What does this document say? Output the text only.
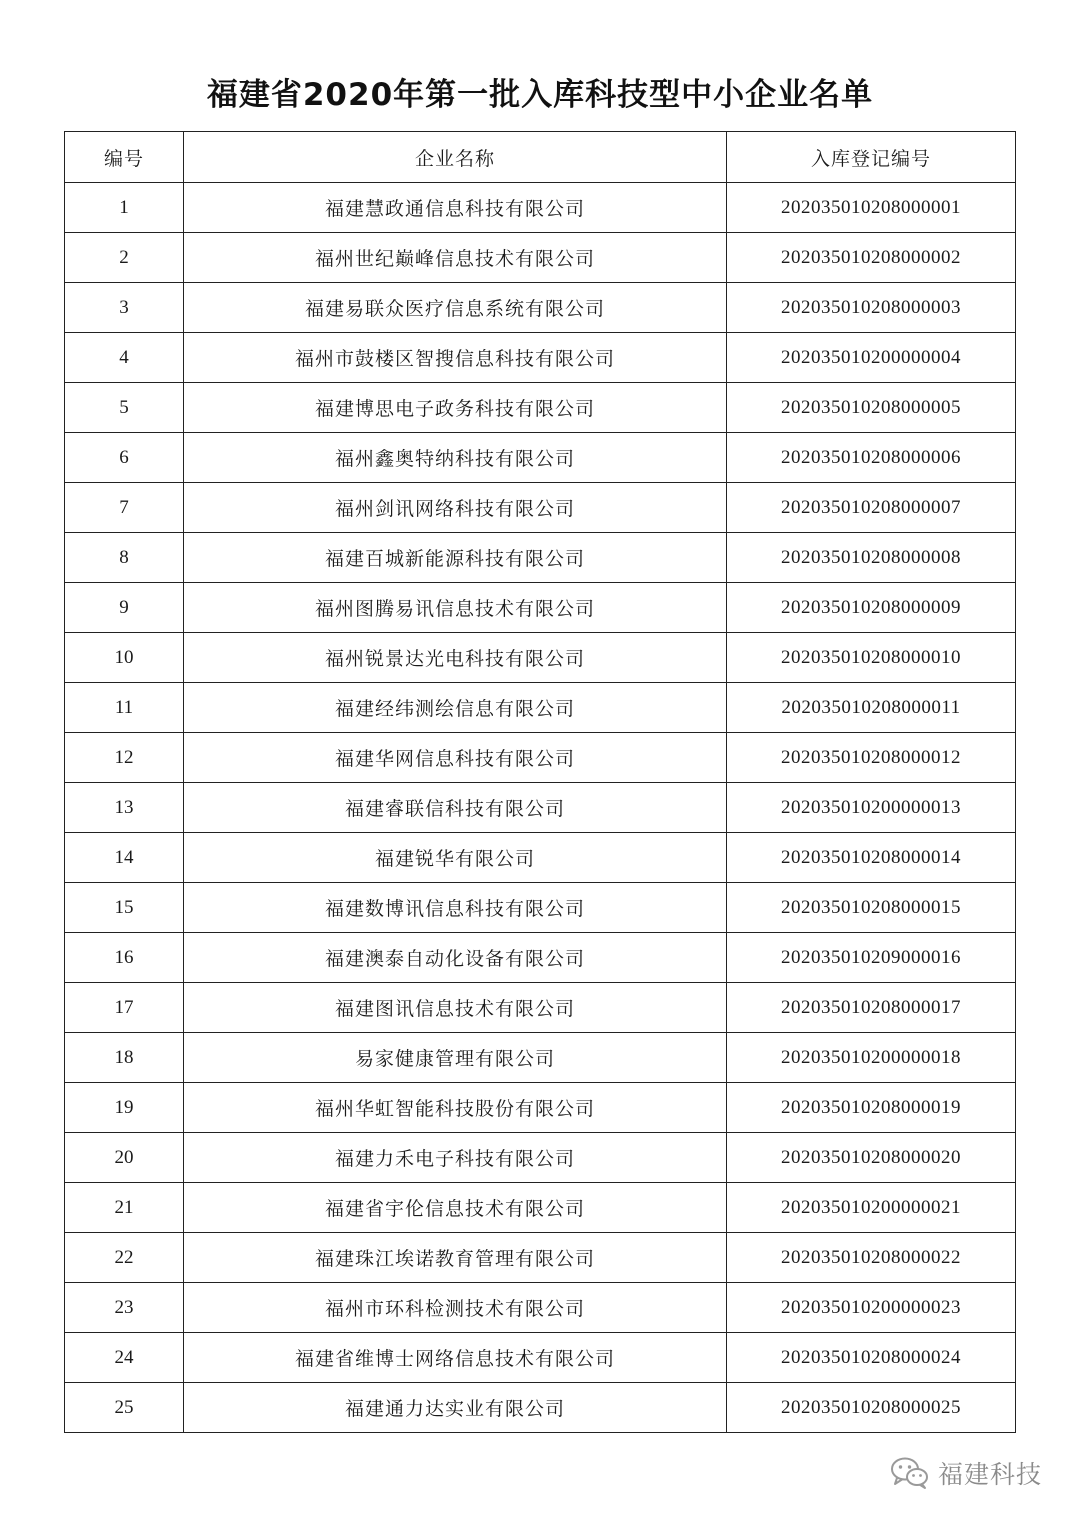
福建省2020年第一批入库科技型中小企业名单
编号	企业名称	入库登记编号
1	福建慧政通信息科技有限公司	202035010208000001
2	福州世纪巅峰信息技术有限公司	202035010208000002
3	福建易联众医疗信息系统有限公司	202035010208000003
4	福州市鼓楼区智搜信息科技有限公司	202035010200000004
5	福建博思电子政务科技有限公司	202035010208000005
6	福州鑫奥特纳科技有限公司	202035010208000006
7	福州剑讯网络科技有限公司	202035010208000007
8	福建百城新能源科技有限公司	202035010208000008
9	福州图腾易讯信息技术有限公司	202035010208000009
10	福州锐景达光电科技有限公司	202035010208000010
11	福建经纬测绘信息有限公司	202035010208000011
12	福建华网信息科技有限公司	202035010208000012
13	福建睿联信科技有限公司	202035010200000013
14	福建锐华有限公司	202035010208000014
15	福建数博讯信息科技有限公司	202035010208000015
16	福建澳泰自动化设备有限公司	202035010209000016
17	福建图讯信息技术有限公司	202035010208000017
18	易家健康管理有限公司	202035010200000018
19	福州华虹智能科技股份有限公司	202035010208000019
20	福建力禾电子科技有限公司	202035010208000020
21	福建省宇伦信息技术有限公司	202035010200000021
22	福建珠江埃诺教育管理有限公司	202035010208000022
23	福州市环科检测技术有限公司	202035010200000023
24	福建省维博士网络信息技术有限公司	202035010208000024
25	福建通力达实业有限公司	202035010208000025
福建科技
